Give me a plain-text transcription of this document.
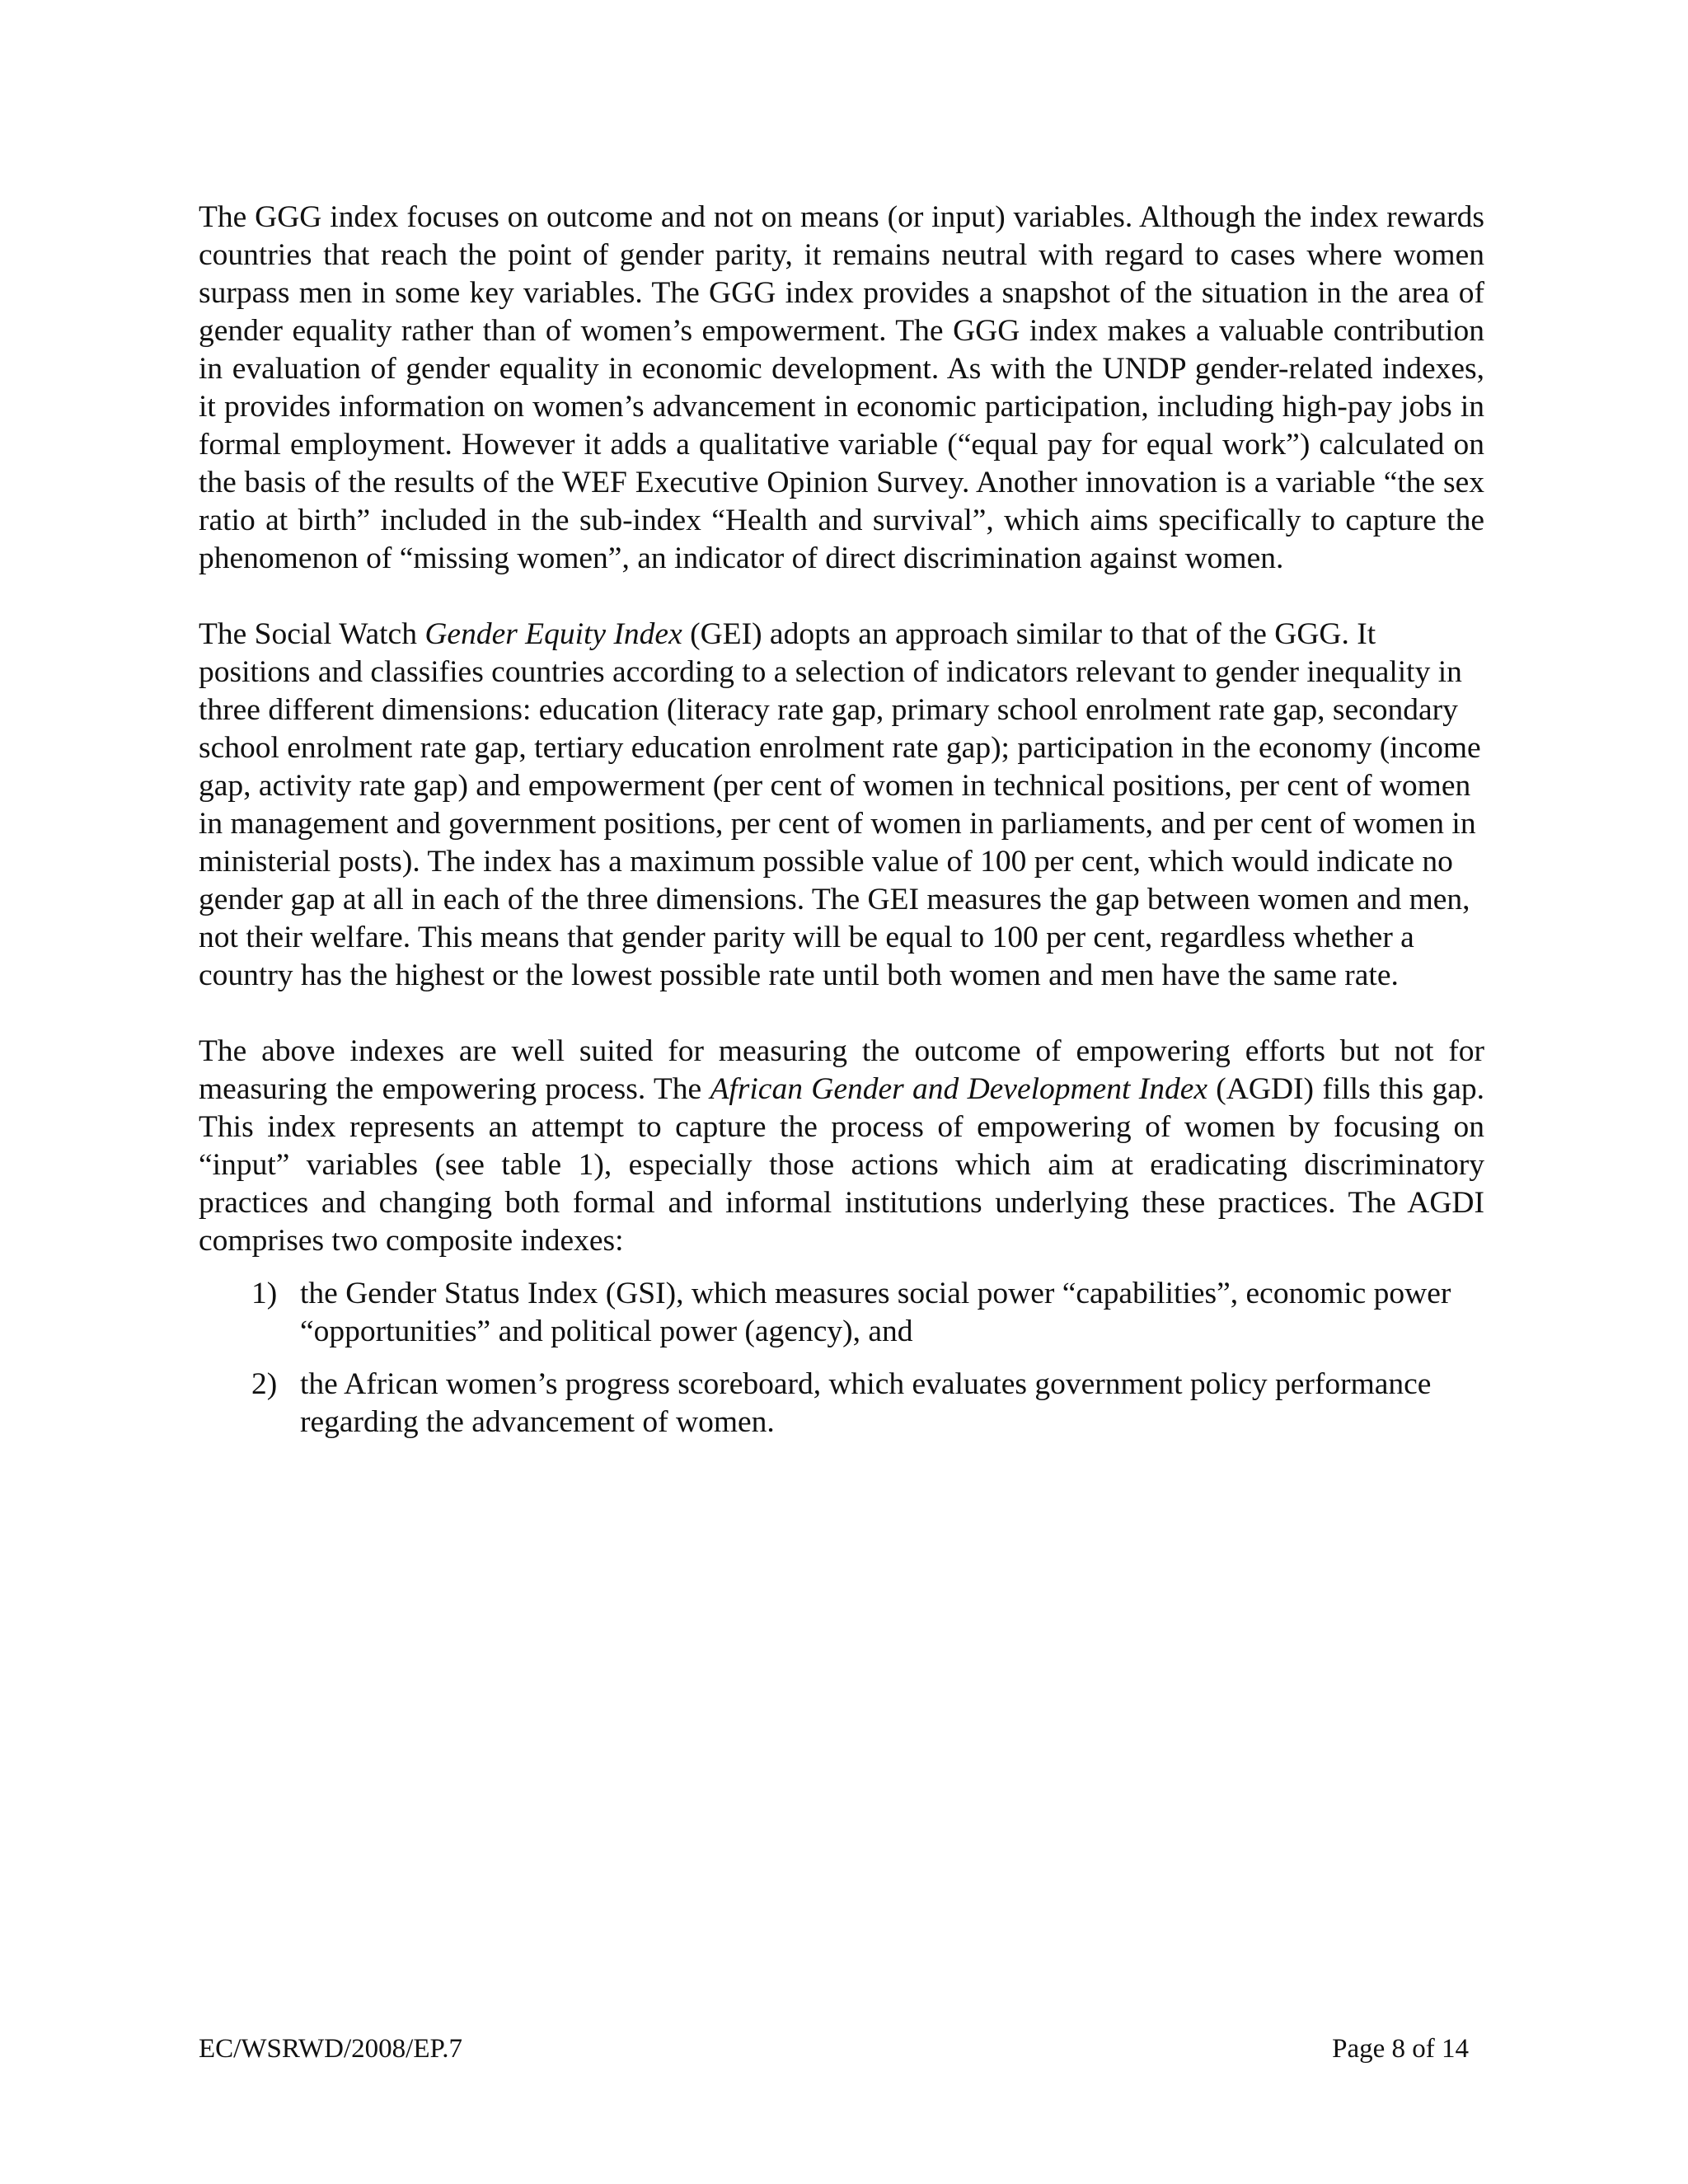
The GGG index focuses on outcome and not on means (or input) variables. Although the index rewards countries that reach the point of gender parity, it remains neutral with regard to cases where women surpass men in some key variables. The GGG index provides a snapshot of the situation in the area of gender equality rather than of women’s empowerment. The GGG index makes a valuable contribution in evaluation of gender equality in economic development. As with the UNDP gender-related indexes, it provides information on women’s advancement in economic participation, including high-pay jobs in formal employment. However it adds a qualitative variable (“equal pay for equal work”) calculated on the basis of the results of the WEF Executive Opinion Survey. Another innovation is a variable “the sex ratio at birth” included in the sub-index “Health and survival”, which aims specifically to capture the phenomenon of “missing women”, an indicator of direct discrimination against women.

The Social Watch Gender Equity Index (GEI) adopts an approach similar to that of the GGG. It positions and classifies countries according to a selection of indicators relevant to gender inequality in three different dimensions: education (literacy rate gap, primary school enrolment rate gap, secondary school enrolment rate gap, tertiary education enrolment rate gap); participation in the economy (income gap, activity rate gap) and empowerment (per cent of women in technical positions, per cent of women in management and government positions, per cent of women in parliaments, and per cent of women in ministerial posts). The index has a maximum possible value of 100 per cent, which would indicate no gender gap at all in each of the three dimensions. The GEI measures the gap between women and men, not their welfare. This means that gender parity will be equal to 100 per cent, regardless whether a country has the highest or the lowest possible rate until both women and men have the same rate.

The above indexes are well suited for measuring the outcome of empowering efforts but not for measuring the empowering process. The African Gender and Development Index (AGDI) fills this gap. This index represents an attempt to capture the process of empowering of women by focusing on “input” variables (see table 1), especially those actions which aim at eradicating discriminatory practices and changing both formal and informal institutions underlying these practices. The AGDI comprises two composite indexes:

1) the Gender Status Index (GSI), which measures social power “capabilities”, economic power “opportunities” and political power (agency), and
2) the African women’s progress scoreboard, which evaluates government policy performance regarding the advancement of women.
EC/WSRWD/2008/EP.7	Page 8 of 14
